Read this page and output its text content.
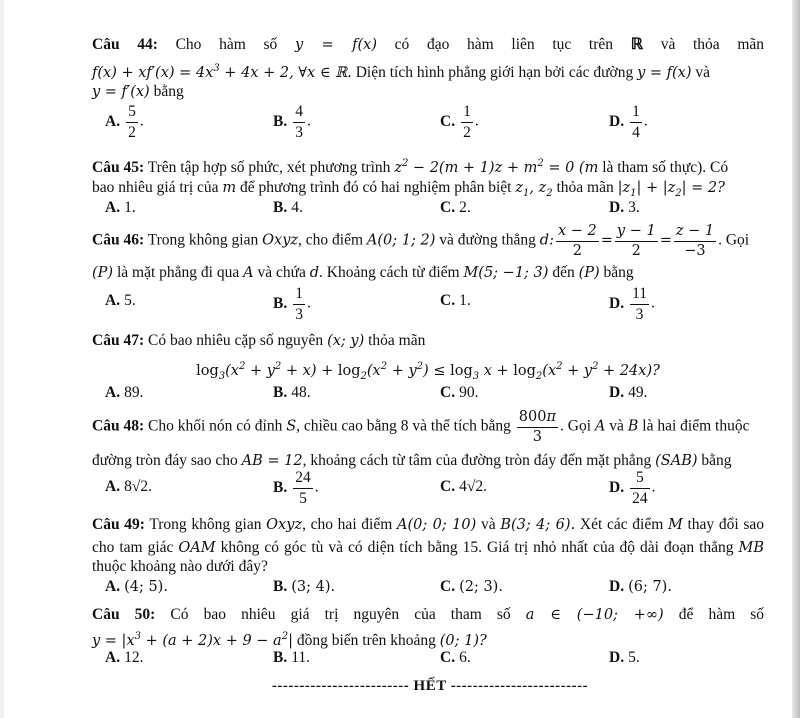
Câu 44: Cho hàm số y = f(x) có đạo hàm liên tục trên ℝ và thỏa mãn
$f(x) + xf'(x) = 4x^3 + 4x + 2$, ∀x ∈ ℝ. Diện tích hình phẳng giới hạn bởi các đường y = f(x) và
y = f′(x) bằng
A. $\frac{5}{2}$ .	B. $\frac{4}{3}$ .	C. $\frac{1}{2}$ .	D. $\frac{1}{4}$ .
Câu 45: Trên tập hợp số phức, xét phương trình $z^2 - 2(m + 1)z + m^2 = 0$ (m là tham số thực). Có
bao nhiêu giá trị của m để phương trình đó có hai nghiệm phân biệt $z_1$, $z_2$ thỏa mãn $|z_1| + |z_2| = 2$?
A. 1.	B. 4.	C. 2.	D. 3.
Câu 46: Trong không gian Oxyz, cho điểm A(0; 1; 2) và đường thẳng d: $\frac{x - 2}{2} = \frac{y - 1}{2} = \frac{z - 1}{-3}$ . Gọi
(P) là mặt phẳng đi qua A và chứa d. Khoảng cách từ điểm M(5; −1; 3) đến (P) bằng
A. 5.	B. $\frac{1}{3}$ .	C. 1.	D. $\frac{11}{3}$ .
Câu 47: Có bao nhiêu cặp số nguyên (x; y) thỏa mãn
$\log_3(x^2 + y^2 + x) + \log_2(x^2 + y^2) \le \log_3 x + \log_2(x^2 + y^2 + 24x)$?
A. 89.	B. 48.	C. 90.	D. 49.
Câu 48: Cho khối nón có đỉnh S, chiều cao bằng 8 và thể tích bằng $\frac{800\pi}{3}$ . Gọi A và B là hai điểm thuộc
đường tròn đáy sao cho AB = 12, khoảng cách từ tâm của đường tròn đáy đến mặt phẳng (SAB) bằng
A. 8√2.	B. $\frac{24}{5}$ .	C. 4√2.	D. $\frac{5}{24}$ .
Câu 49: Trong không gian Oxyz, cho hai điểm A(0; 0; 10) và B(3; 4; 6). Xét các điểm M thay đổi sao
cho tam giác OAM không có góc tù và có diện tích bằng 15. Giá trị nhỏ nhất của độ dài đoạn thẳng MB
thuộc khoảng nào dưới đây?
A. (4; 5).	B. (3; 4).	C. (2; 3).	D. (6; 7).
Câu 50: Có bao nhiêu giá trị nguyên của tham số a ∈ (−10; +∞) để hàm số
$y = |x^3 + (a + 2)x + 9 - a^2|$ đồng biến trên khoảng (0; 1)?
A. 12.	B. 11.	C. 6.	D. 5.
------------------------- HẾT -------------------------
